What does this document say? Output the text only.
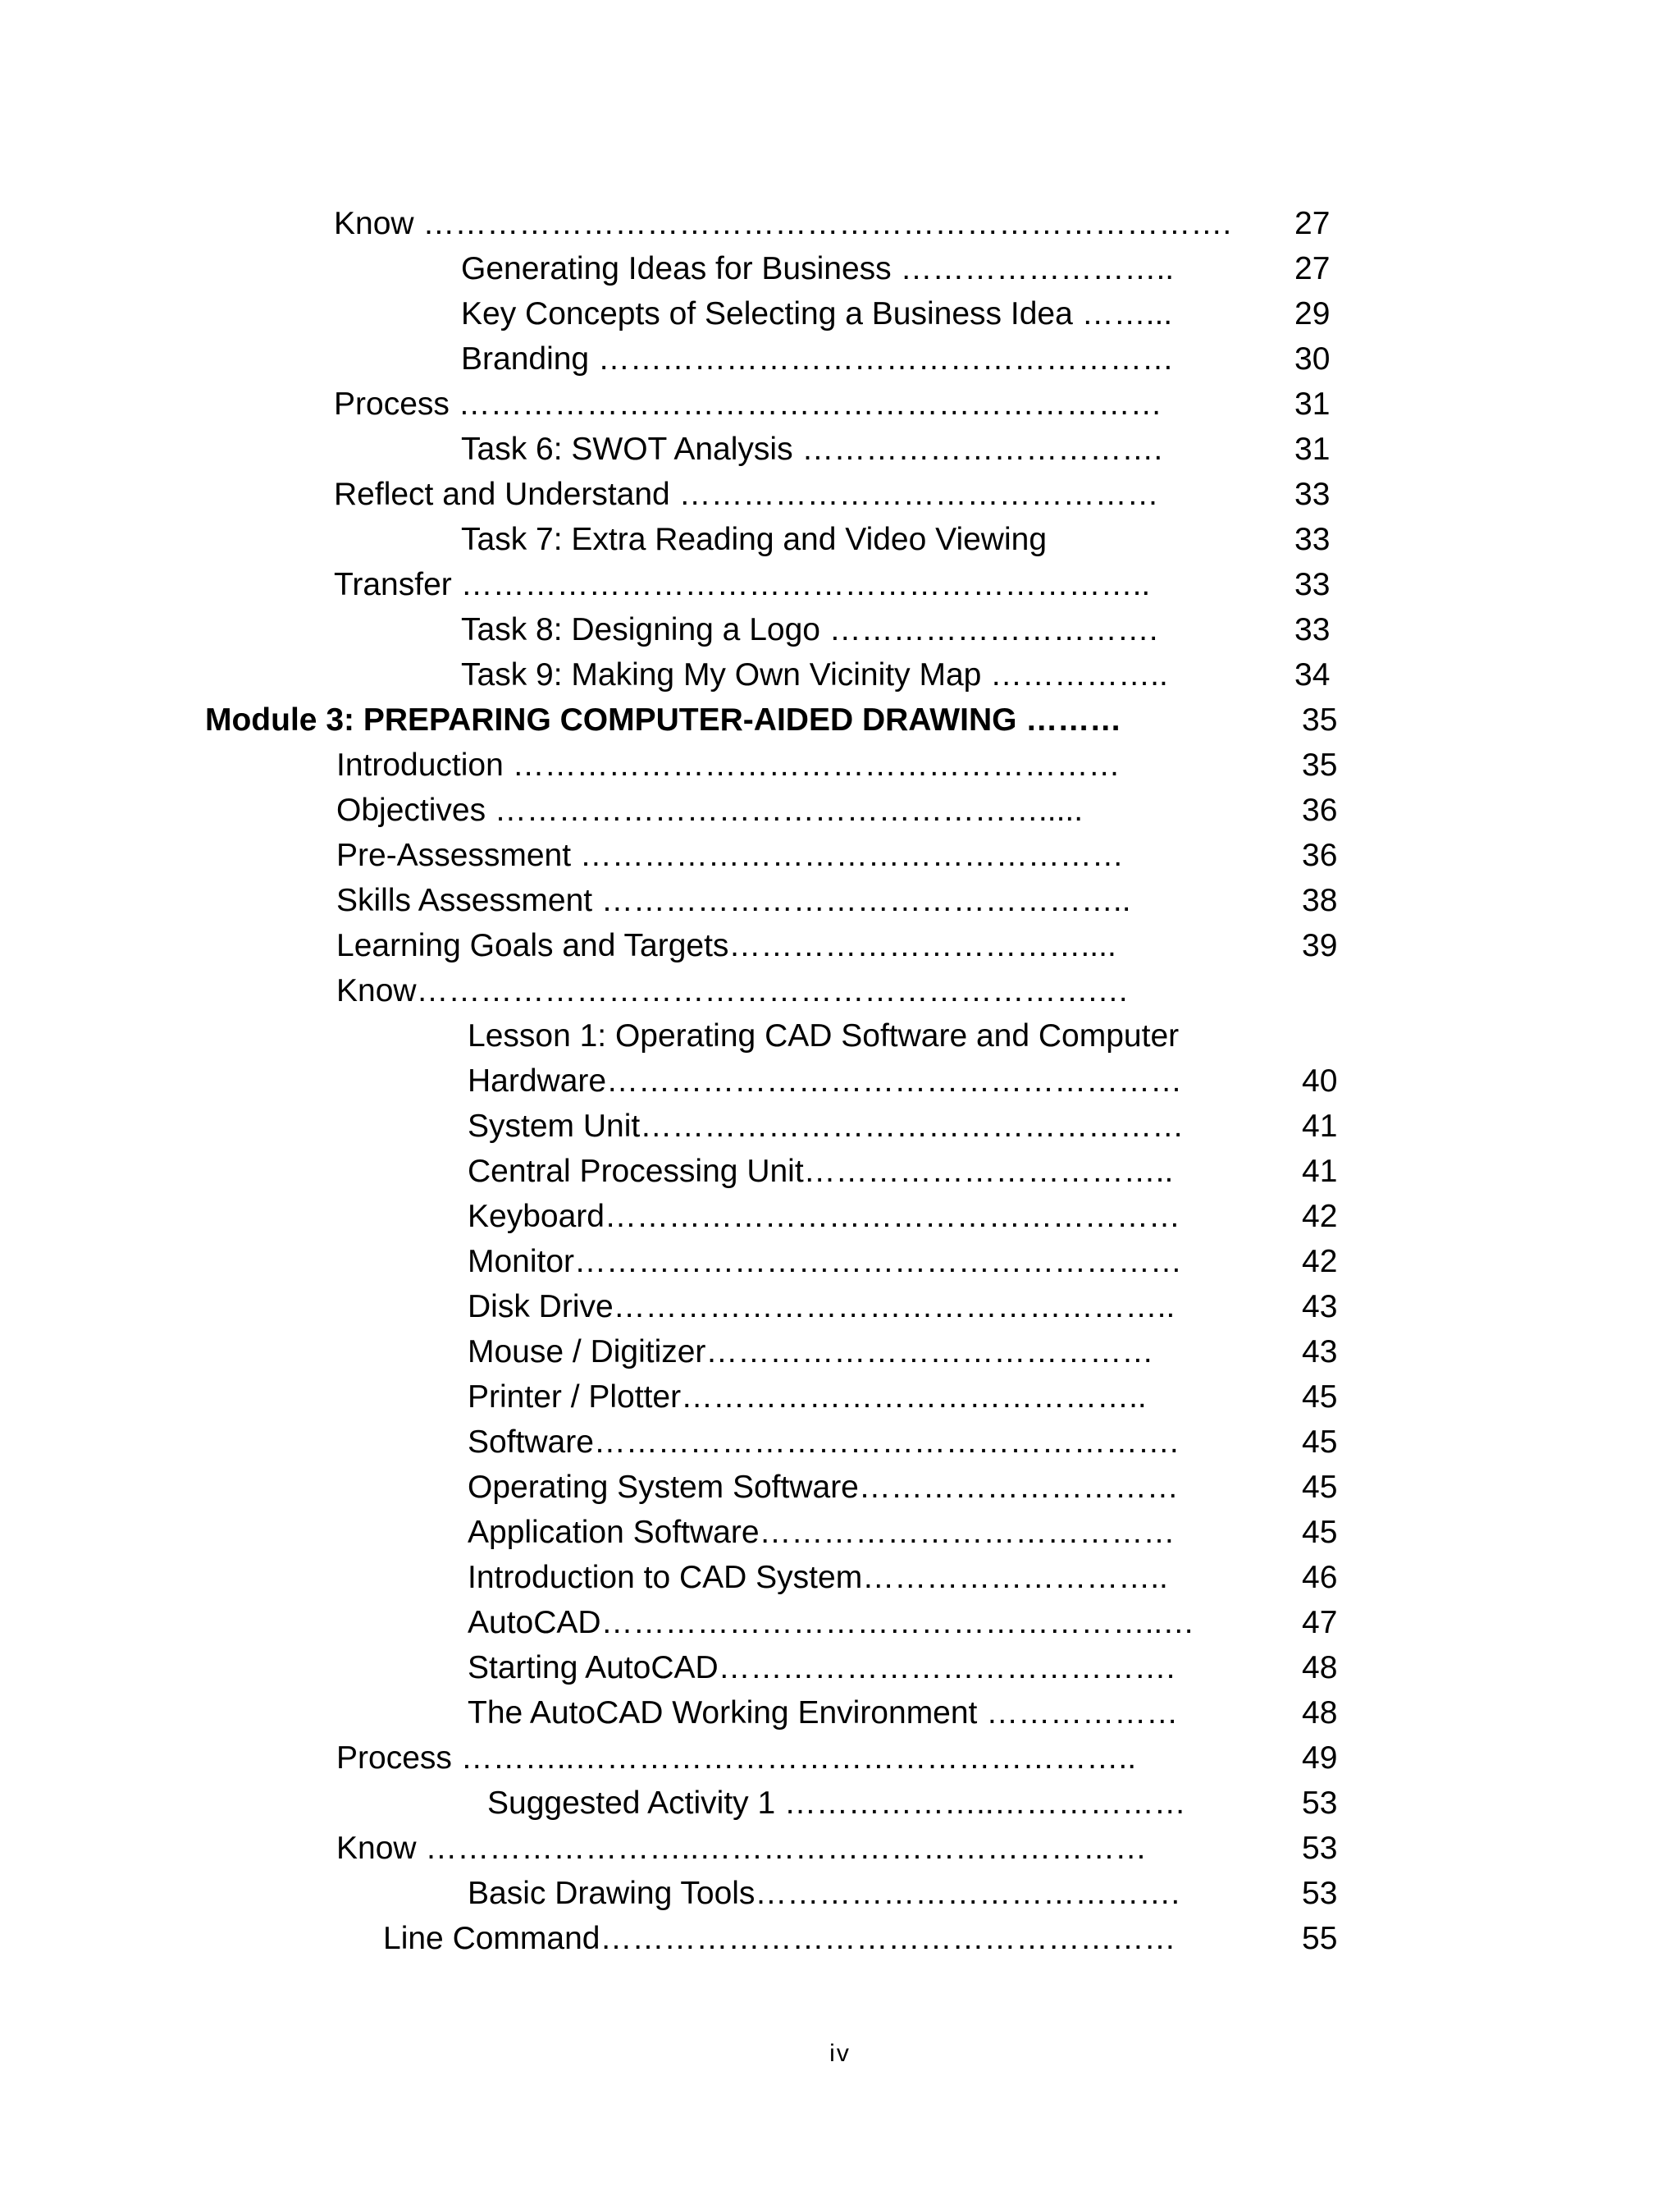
Know …………………………………………………………………. 27
Generating Ideas for Business ……………………..	27
Key Concepts of Selecting a Business Idea ……...	29
Branding ………………………………………………	30
Process …………………………………………………………	31
Task 6: SWOT Analysis …………………………….	31
Reflect and Understand ………………………………………	33
Task 7: Extra Reading and Video Viewing	33
Transfer ………………………………………………………..	33
Task 8: Designing a Logo ………………………….	33
Task 9: Making My Own Vicinity Map ……………..	34
Module 3: PREPARING COMPUTER-AIDED DRAWING ………	35
Introduction …………………………………………………	35
Objectives …………………………………………….....	36
Pre-Assessment ……………………………………………	36
Skills Assessment …………………………………………..	38
Learning Goals and Targets……………………………....	39
Know……………………………………………………….…
Lesson 1: Operating CAD Software and Computer
Hardware………………………………………………	40
System Unit……………………………………………	41
Central Processing Unit……………………………..	41
Keyboard………………………………………………	42
Monitor…………………………………………………	42
Disk Drive……………………………………………..	43
Mouse / Digitizer……………………………………	43
Printer / Plotter……………………………………..	45
Software……………………………………………….	45
Operating System Software…………………………	45
Application Software…………………………………	45
Introduction to CAD System………………………..	46
AutoCAD……………………………………………..…	47
Starting AutoCAD…………………………………….	48
The AutoCAD Working Environment ………………	48
Process ………..……………………………………………..	49
Suggested Activity 1 ………………..………………	53
Know ……………………..……………………………………	53
Basic Drawing Tools………………………………….	53
Line Command………………………………………………	55
iv
